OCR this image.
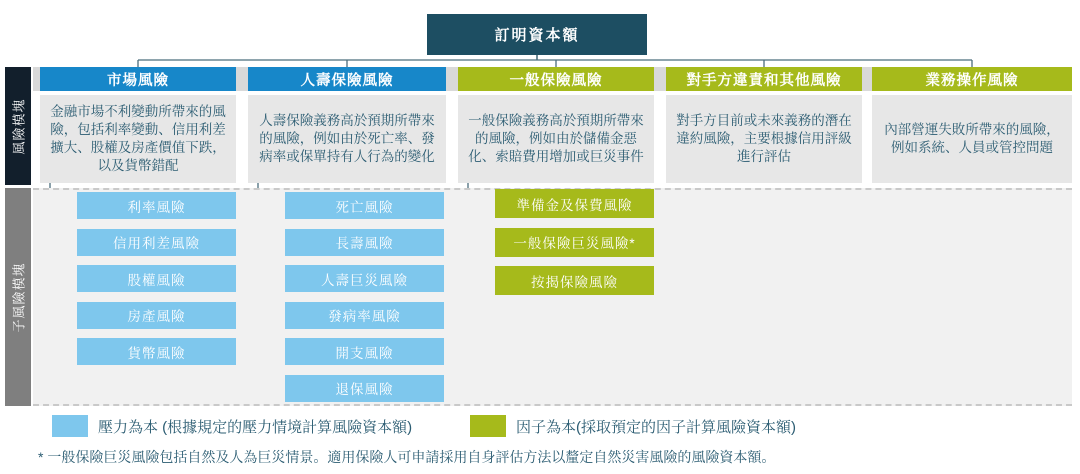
訂明資本額
風險模塊
子風險模塊
市場風險
金融市場不利變動所帶來的風險，包括利率變動、信用利差擴大、股權及房產價值下跌，以及貨幣錯配
利率風險
信用利差風險
股權風險
房產風險
貨幣風險
人壽保險風險
人壽保險義務高於預期所帶來的風險，例如由於死亡率、發病率或保單持有人行為的變化
死亡風險
長壽風險
人壽巨災風險
發病率風險
開支風險
退保風險
一般保險風險
一般保險義務高於預期所帶來的風險，例如由於儲備金惡化、索賠費用增加或巨災事件
準備金及保費風險
一般保險巨災風險*
按揭保險風險
對手方違責和其他風險
對手方目前或未來義務的潛在違約風險，主要根據信用評級進行評估
業務操作風險
內部營運失敗所帶來的風險，例如系統、人員或管控問題
壓力為本 (根據規定的壓力情境計算風險資本額)	因子為本(採取預定的因子計算風險資本額)
* 一般保險巨災風險包括自然及人為巨災情景。適用保險人可申請採用自身評估方法以釐定自然災害風險的風險資本額。
